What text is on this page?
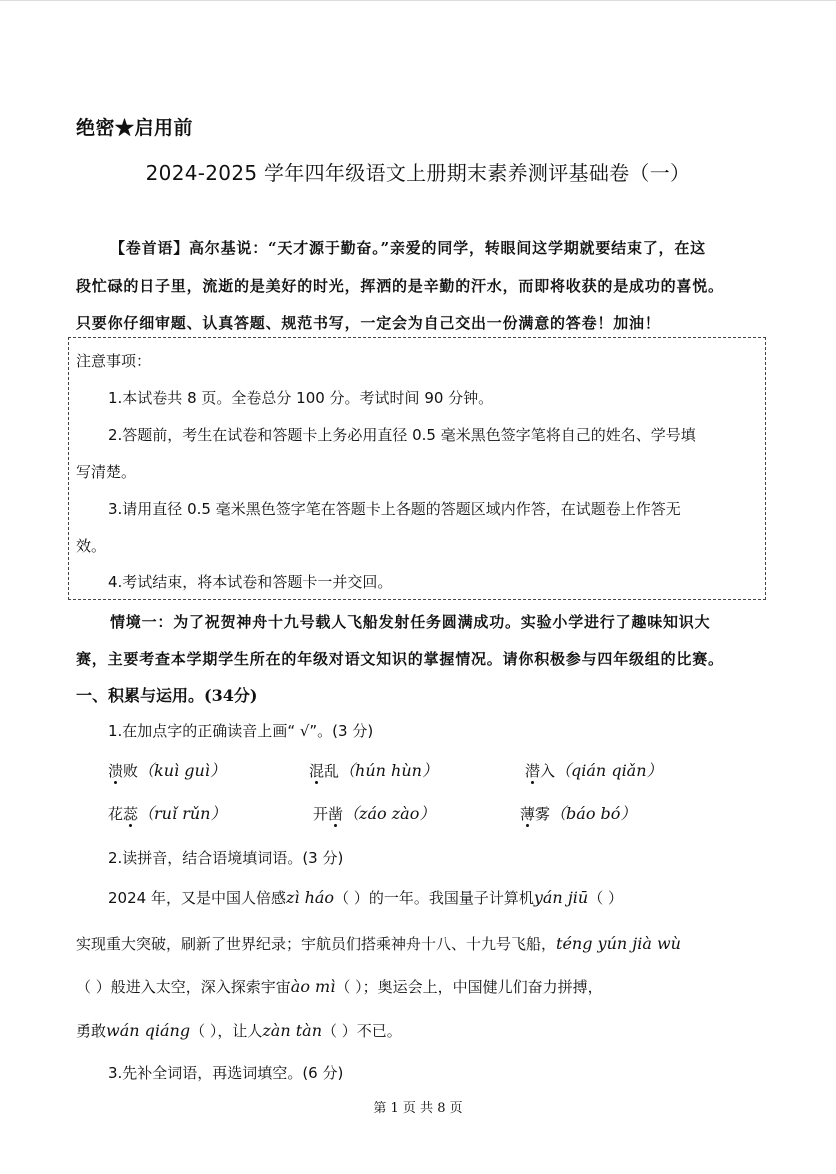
绝密★启用前
2024-2025 学年四年级语文上册期末素养测评基础卷（一）
【卷首语】高尔基说：“天才源于勤奋。”亲爱的同学，转眼间这学期就要结束了，在这
段忙碌的日子里，流逝的是美好的时光，挥洒的是辛勤的汗水，而即将收获的是成功的喜悦。
只要你仔细审题、认真答题、规范书写，一定会为自己交出一份满意的答卷！加油！
注意事项：
1.本试卷共 8 页。全卷总分 100 分。考试时间 90 分钟。
2.答题前，考生在试卷和答题卡上务必用直径 0.5 毫米黑色签字笔将自己的姓名、学号填
写清楚。
3.请用直径 0.5 毫米黑色签字笔在答题卡上各题的答题区域内作答，在试题卷上作答无
效。
4.考试结束，将本试卷和答题卡一并交回。
情境一：为了祝贺神舟十九号载人飞船发射任务圆满成功。实验小学进行了趣味知识大
赛，主要考查本学期学生所在的年级对语文知识的掌握情况。请你积极参与四年级组的比赛。
一、积累与运用。(34分)
1.在加点字的正确读音上画“ √”。(3 分)
溃败（kuì guì）	混乱（hún hùn）	潜入（qián qiǎn）
花蕊（ruǐ rǔn）	开凿（záo zào）	薄雾（báo bó）
2.读拼音，结合语境填词语。(3 分)
2024 年，又是中国人倍感zì háo（ ）的一年。我国量子计算机yán jiū（ ）
实现重大突破，刷新了世界纪录；宇航员们搭乘神舟十八、十九号飞船，téng yún jià wù
（ ）般进入太空，深入探索宇宙ào mì（ ）；奥运会上，中国健儿们奋力拼搏，
勇敢wán qiáng（ ），让人zàn tàn（ ）不已。
3.先补全词语，再选词填空。(6 分)
第 1 页 共 8 页
